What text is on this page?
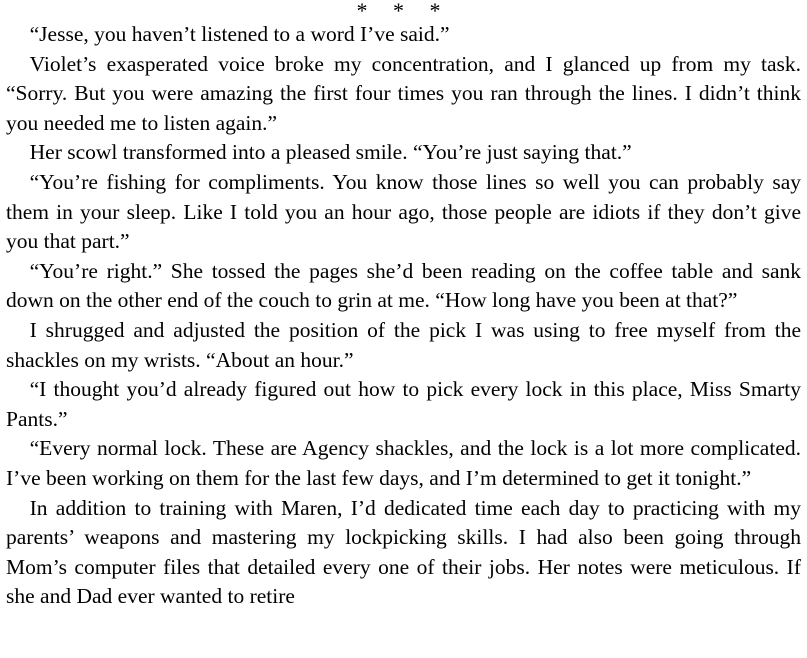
* * *

“Jesse, you haven’t listened to a word I’ve said.”

Violet’s exasperated voice broke my concentration, and I glanced up from my task. “Sorry. But you were amazing the first four times you ran through the lines. I didn’t think you needed me to listen again.”

Her scowl transformed into a pleased smile. “You’re just saying that.”

“You’re fishing for compliments. You know those lines so well you can probably say them in your sleep. Like I told you an hour ago, those people are idiots if they don’t give you that part.”

“You’re right.” She tossed the pages she’d been reading on the coffee table and sank down on the other end of the couch to grin at me. “How long have you been at that?”

I shrugged and adjusted the position of the pick I was using to free myself from the shackles on my wrists. “About an hour.”

“I thought you’d already figured out how to pick every lock in this place, Miss Smarty Pants.”

“Every normal lock. These are Agency shackles, and the lock is a lot more complicated. I’ve been working on them for the last few days, and I’m determined to get it tonight.”

In addition to training with Maren, I’d dedicated time each day to practicing with my parents’ weapons and mastering my lockpicking skills. I had also been going through Mom’s computer files that detailed every one of their jobs. Her notes were meticulous. If she and Dad ever wanted to retire
